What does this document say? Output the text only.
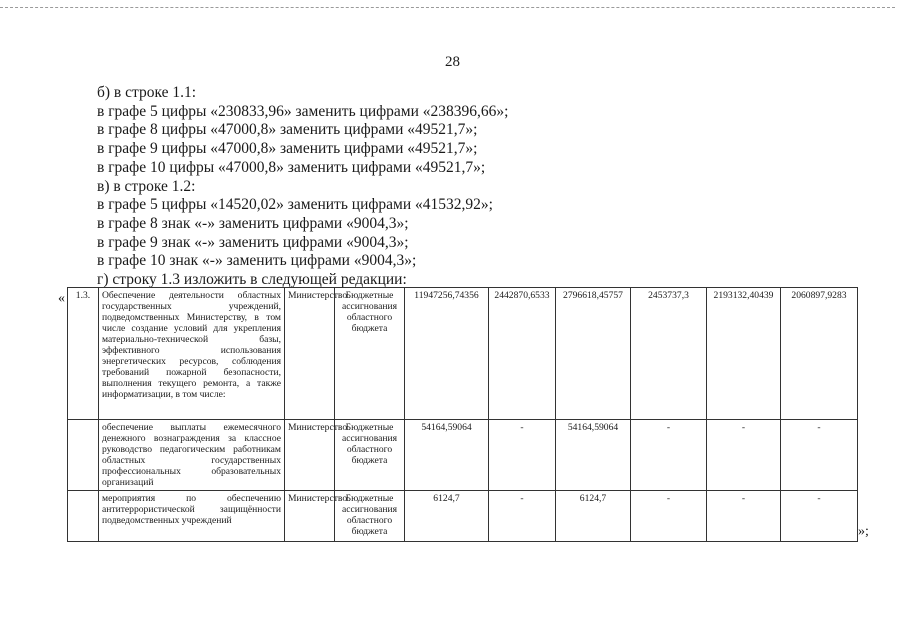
28
б) в строке 1.1:
в графе 5 цифры «230833,96» заменить цифрами «238396,66»;
в графе 8 цифры «47000,8» заменить цифрами «49521,7»;
в графе 9 цифры «47000,8» заменить цифрами «49521,7»;
в графе 10 цифры «47000,8» заменить цифрами «49521,7»;
в) в строке 1.2:
в графе 5 цифры «14520,02» заменить цифрами «41532,92»;
в графе 8 знак «-» заменить цифрами «9004,3»;
в графе 9 знак «-» заменить цифрами «9004,3»;
в графе 10 знак «-» заменить цифрами «9004,3»;
г) строку 1.3 изложить в следующей редакции:
« 1.3.	Обеспечение деятельности областных государственных учреждений, подведомственных Министерству, в том числе создание условий для укрепления материально-технической базы, эффективного использования энергетических ресурсов, соблюдения требований пожарной безопасности, выполнения текущего ремонта, а также информатизации, в том числе:	Министерство	Бюджетные ассигнования областного бюджета	11947256,74356	2442870,6533	2796618,45757	2453737,3	2193132,40439	2060897,9283
	обеспечение выплаты ежемесячного денежного вознаграждения за классное руководство педагогическим работникам областных государственных профессиональных образовательных организаций	Министерство	Бюджетные ассигнования областного бюджета	54164,59064	-	54164,59064	-	-	-
	мероприятия по обеспечению антитеррористической защищённости подведомственных учреждений	Министерство	Бюджетные ассигнования областного бюджета	6124,7	-	6124,7	-	-	-
»;
